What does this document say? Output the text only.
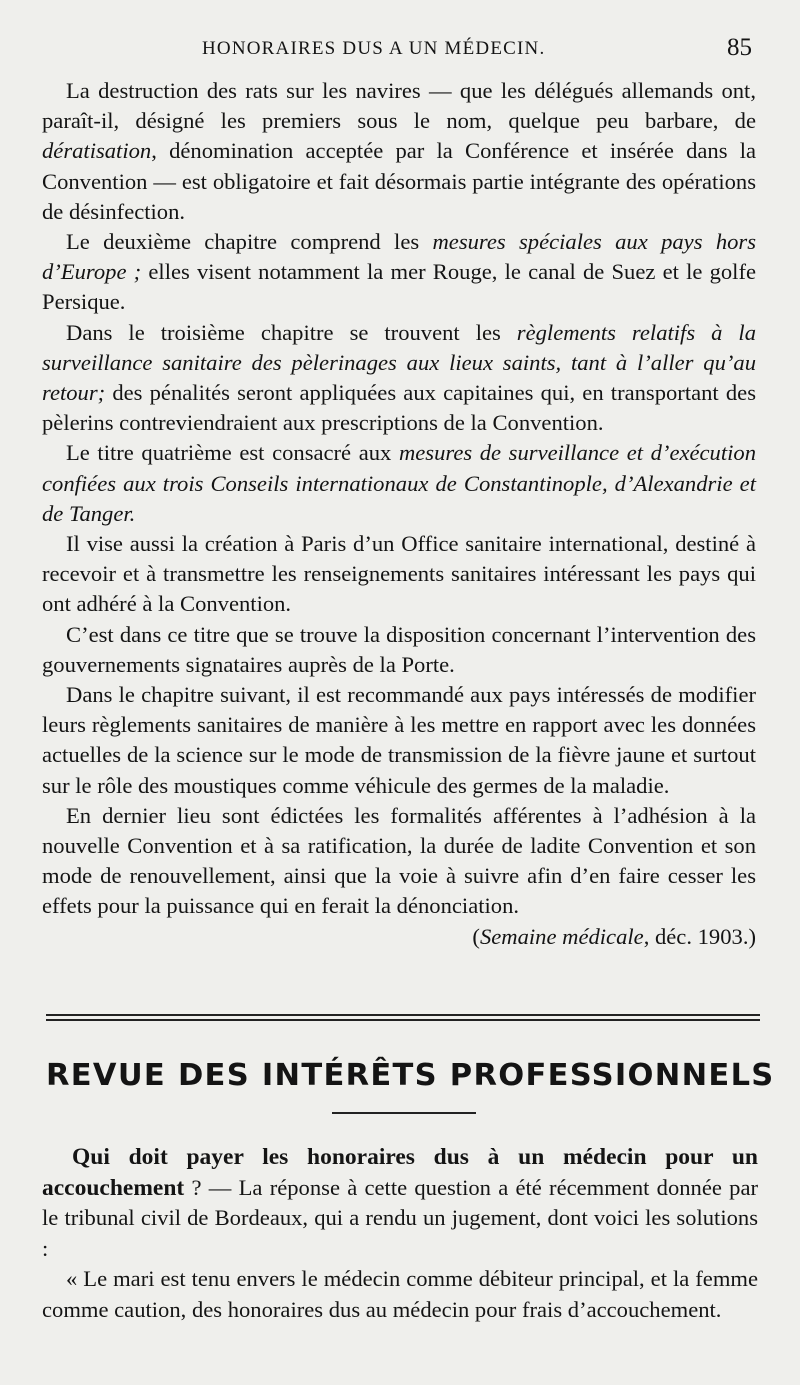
HONORAIRES DUS A UN MÉDECIN.	85

La destruction des rats sur les navires — que les délégués allemands ont, paraît-il, désigné les premiers sous le nom, quelque peu barbare, de dératisation, dénomination acceptée par la Conférence et insérée dans la Convention — est obligatoire et fait désormais partie intégrante des opérations de désinfection.

Le deuxième chapitre comprend les mesures spéciales aux pays hors d’Europe ; elles visent notamment la mer Rouge, le canal de Suez et le golfe Persique.

Dans le troisième chapitre se trouvent les règlements relatifs à la surveillance sanitaire des pèlerinages aux lieux saints, tant à l’aller qu’au retour; des pénalités seront appliquées aux capitaines qui, en transportant des pèlerins contreviendraient aux prescriptions de la Convention.

Le titre quatrième est consacré aux mesures de surveillance et d’exécution confiées aux trois Conseils internationaux de Constantinople, d’Alexandrie et de Tanger.

Il vise aussi la création à Paris d’un Office sanitaire international, destiné à recevoir et à transmettre les renseignements sanitaires intéressant les pays qui ont adhéré à la Convention.

C’est dans ce titre que se trouve la disposition concernant l’intervention des gouvernements signataires auprès de la Porte.

Dans le chapitre suivant, il est recommandé aux pays intéressés de modifier leurs règlements sanitaires de manière à les mettre en rapport avec les données actuelles de la science sur le mode de transmission de la fièvre jaune et surtout sur le rôle des moustiques comme véhicule des germes de la maladie.

En dernier lieu sont édictées les formalités afférentes à l’adhésion à la nouvelle Convention et à sa ratification, la durée de ladite Convention et son mode de renouvellement, ainsi que la voie à suivre afin d’en faire cesser les effets pour la puissance qui en ferait la dénonciation.
(Semaine médicale, déc. 1903.)

REVUE DES INTÉRÊTS PROFESSIONNELS

Qui doit payer les honoraires dus à un médecin pour un accouchement ? — La réponse à cette question a été récemment donnée par le tribunal civil de Bordeaux, qui a rendu un jugement, dont voici les solutions :

« Le mari est tenu envers le médecin comme débiteur principal, et la femme comme caution, des honoraires dus au médecin pour frais d’accouchement.
